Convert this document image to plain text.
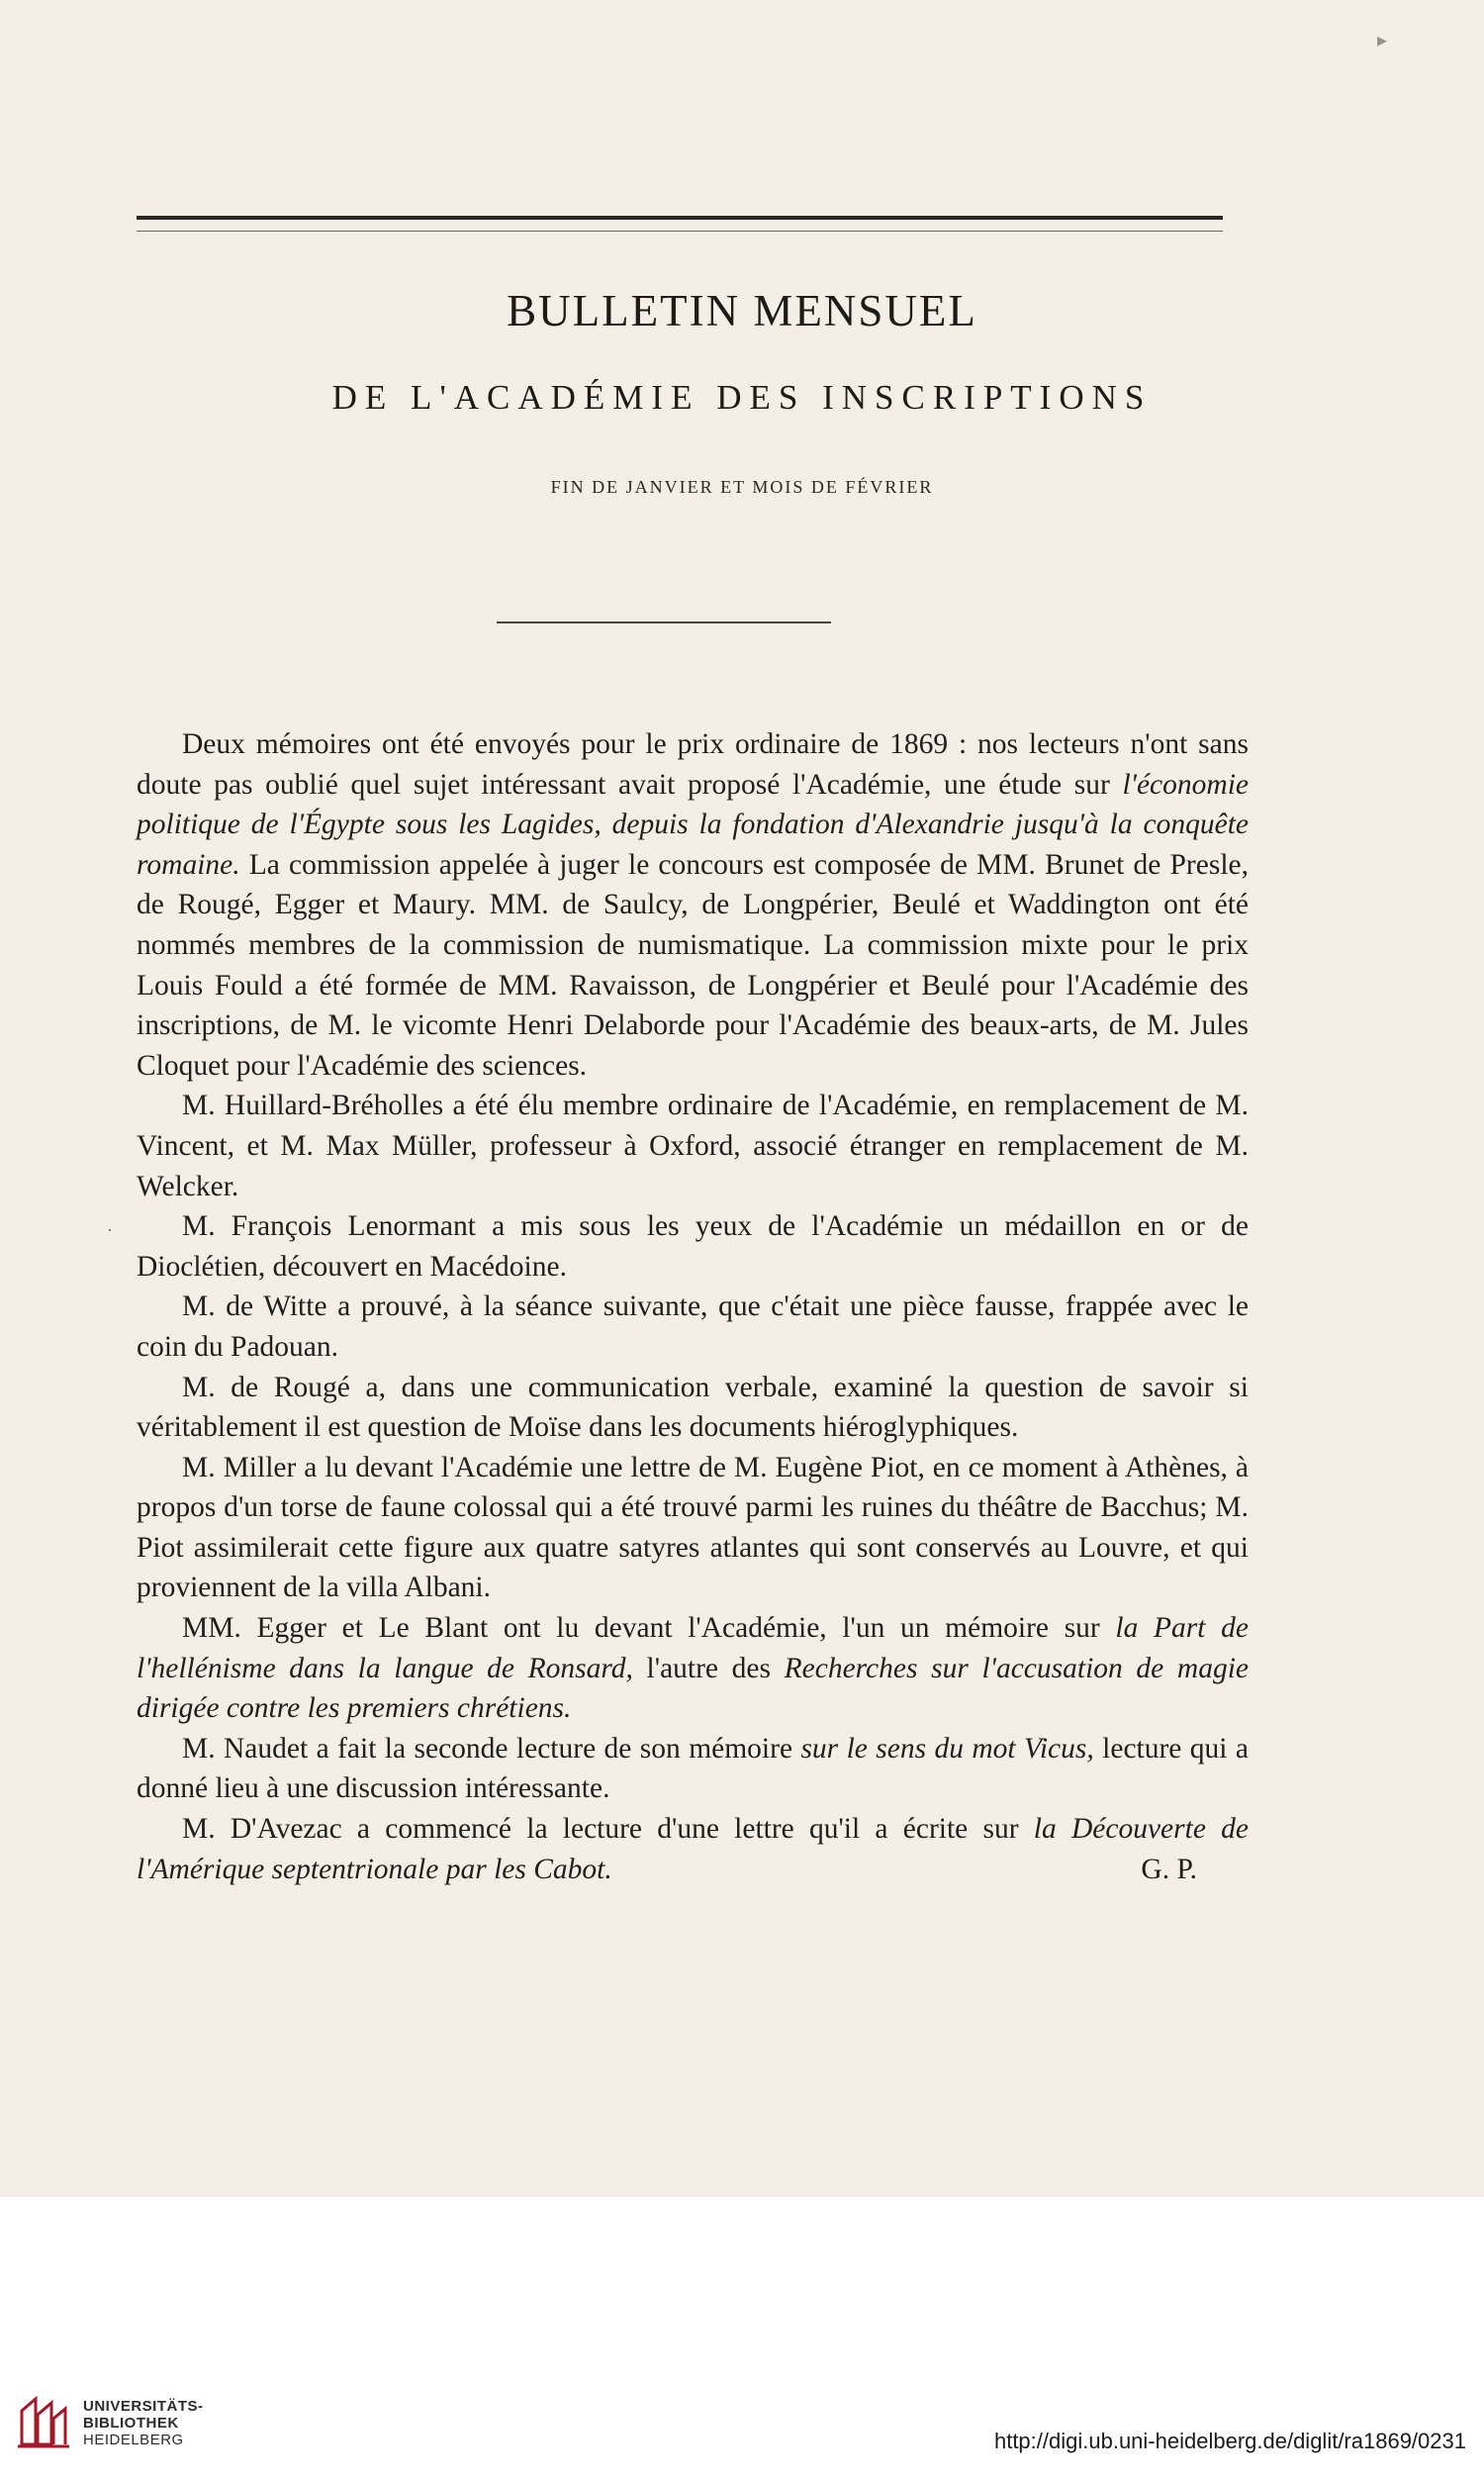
▸
BULLETIN MENSUEL
DE L'ACADÉMIE DES INSCRIPTIONS
FIN DE JANVIER ET MOIS DE FÉVRIER
·

Deux mémoires ont été envoyés pour le prix ordinaire de 1869 : nos lecteurs n'ont sans doute pas oublié quel sujet intéressant avait proposé l'Académie, une étude sur l'économie politique de l'Égypte sous les Lagides, depuis la fondation d'Alexandrie jusqu'à la conquête romaine. La commission appelée à juger le concours est composée de MM. Brunet de Presle, de Rougé, Egger et Maury. MM. de Saulcy, de Longpérier, Beulé et Waddington ont été nommés membres de la commission de numismatique. La commission mixte pour le prix Louis Fould a été formée de MM. Ravaisson, de Longpérier et Beulé pour l'Académie des inscriptions, de M. le vicomte Henri Delaborde pour l'Académie des beaux-arts, de M. Jules Cloquet pour l'Académie des sciences.

M. Huillard-Bréholles a été élu membre ordinaire de l'Académie, en remplacement de M. Vincent, et M. Max Müller, professeur à Oxford, associé étranger en remplacement de M. Welcker.

M. François Lenormant a mis sous les yeux de l'Académie un médaillon en or de Dioclétien, découvert en Macédoine.

M. de Witte a prouvé, à la séance suivante, que c'était une pièce fausse, frappée avec le coin du Padouan.

M. de Rougé a, dans une communication verbale, examiné la question de savoir si véritablement il est question de Moïse dans les documents hiéroglyphiques.

M. Miller a lu devant l'Académie une lettre de M. Eugène Piot, en ce moment à Athènes, à propos d'un torse de faune colossal qui a été trouvé parmi les ruines du théâtre de Bacchus; M. Piot assimilerait cette figure aux quatre satyres atlantes qui sont conservés au Louvre, et qui proviennent de la villa Albani.

MM. Egger et Le Blant ont lu devant l'Académie, l'un un mémoire sur la Part de l'hellénisme dans la langue de Ronsard, l'autre des Recherches sur l'accusation de magie dirigée contre les premiers chrétiens.

M. Naudet a fait la seconde lecture de son mémoire sur le sens du mot Vicus, lecture qui a donné lieu à une discussion intéressante.

M. D'Avezac a commencé la lecture d'une lettre qu'il a écrite sur la Découverte de l'Amérique septentrionale par les Cabot.	G. P.

UNIVERSITÄTS-
BIBLIOTHEK
HEIDELBERG	http://digi.ub.uni-heidelberg.de/diglit/ra1869/0231
